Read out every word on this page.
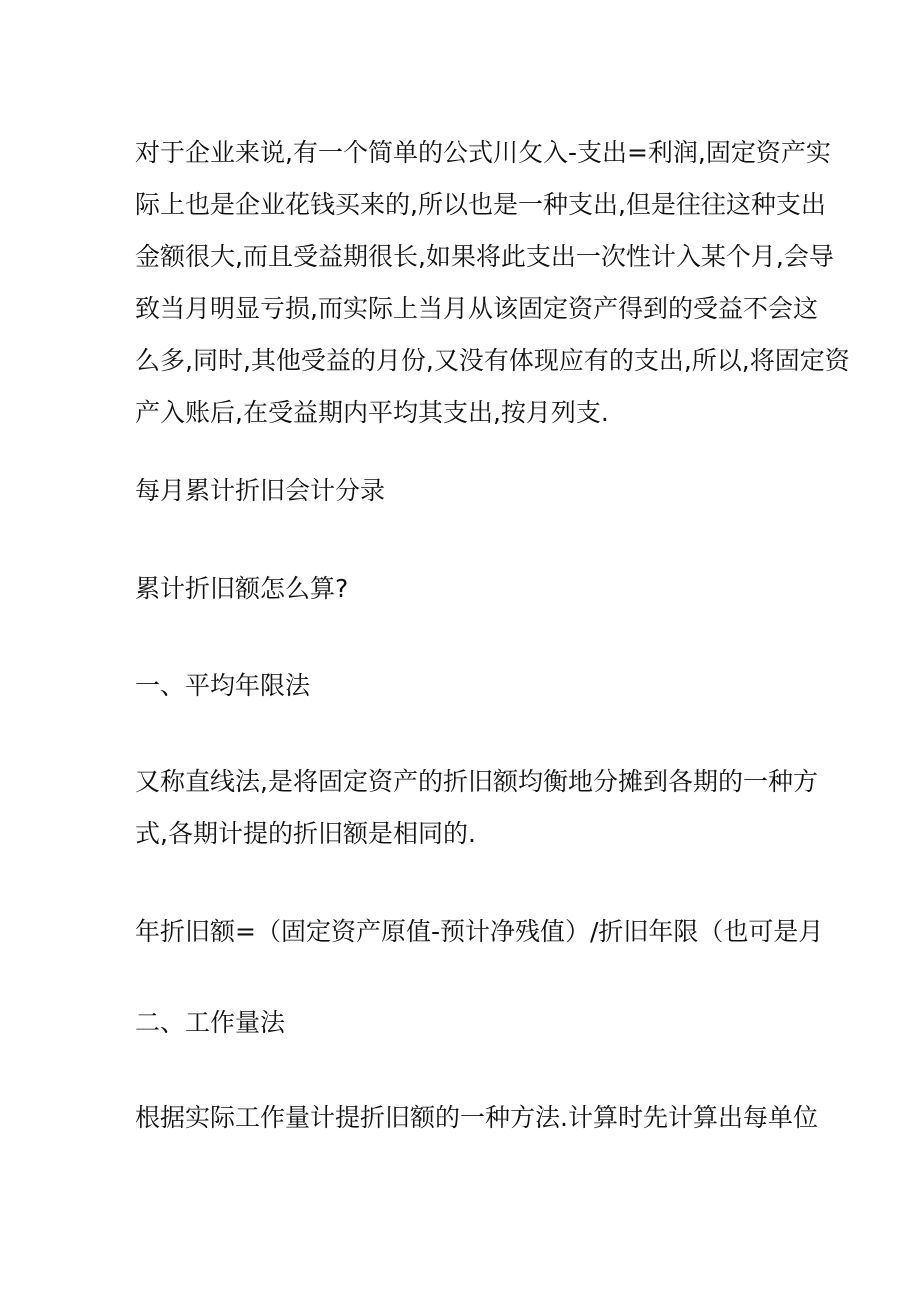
对于企业来说,有一个简单的公式川攵入-支出=利润,固定资产实
际上也是企业花钱买来的,所以也是一种支出,但是往往这种支出
金额很大,而且受益期很长,如果将此支出一次性计入某个月,会导
致当月明显亏损,而实际上当月从该固定资产得到的受益不会这
么多,同时,其他受益的月份,又没有体现应有的支出,所以,将固定资
产入账后,在受益期内平均其支出,按月列支.
每月累计折旧会计分录
累计折旧额怎么算?
一、平均年限法
又称直线法,是将固定资产的折旧额均衡地分摊到各期的一种方
式,各期计提的折旧额是相同的.
年折旧额=（固定资产原值-预计净残值）/折旧年限（也可是月
二、工作量法
根据实际工作量计提折旧额的一种方法.计算时先计算出每单位
